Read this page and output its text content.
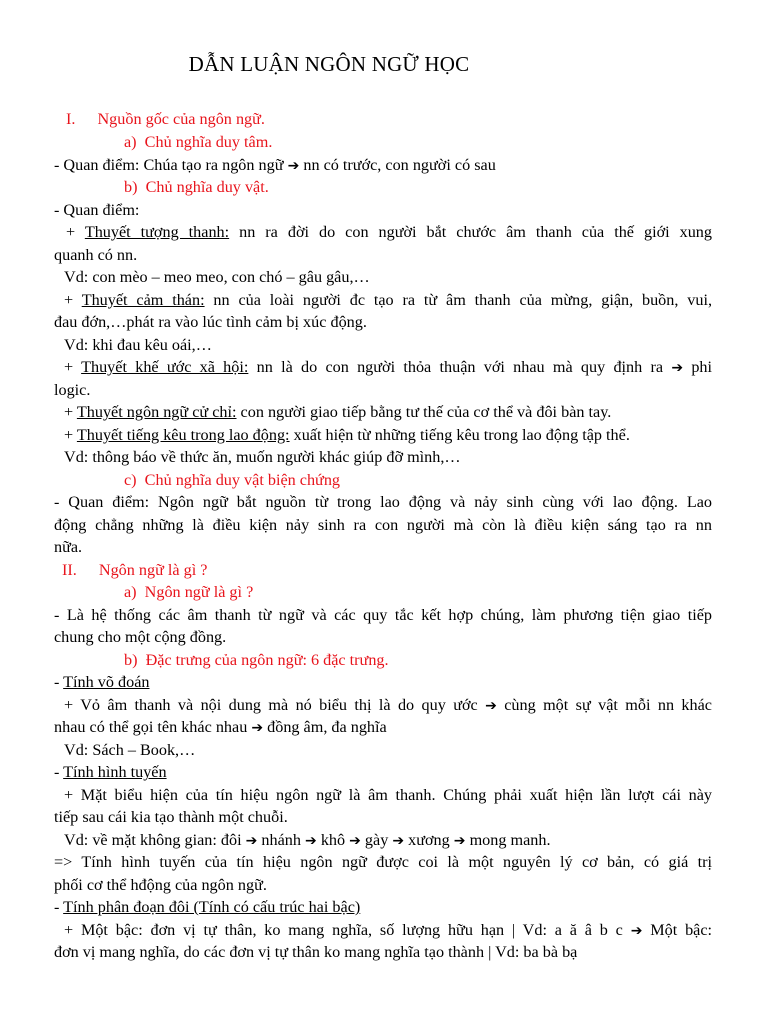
DẪN LUẬN NGÔN NGỮ HỌC
I. Nguồn gốc của ngôn ngữ.
a) Chủ nghĩa duy tâm.
- Quan điểm: Chúa tạo ra ngôn ngữ ➔ nn có trước, con người có sau
b) Chủ nghĩa duy vật.
- Quan điểm:
+ Thuyết tượng thanh: nn ra đời do con người bắt chước âm thanh của thế giới xung
quanh có nn.
Vd: con mèo – meo meo, con chó – gâu gâu,…
+ Thuyết cảm thán: nn của loài người đc tạo ra từ âm thanh của mừng, giận, buồn, vui,
đau đớn,…phát ra vào lúc tình cảm bị xúc động.
Vd: khi đau kêu oái,…
+ Thuyết khế ước xã hội: nn là do con người thỏa thuận với nhau mà quy định ra ➔ phi
logic.
+ Thuyết ngôn ngữ cử chỉ: con người giao tiếp bằng tư thế của cơ thể và đôi bàn tay.
+ Thuyết tiếng kêu trong lao động: xuất hiện từ những tiếng kêu trong lao động tập thể.
Vd: thông báo về thức ăn, muốn người khác giúp đỡ mình,…
c) Chủ nghĩa duy vật biện chứng
- Quan điểm: Ngôn ngữ bắt nguồn từ trong lao động và nảy sinh cùng với lao động. Lao
động chẳng những là điều kiện nảy sinh ra con người mà còn là điều kiện sáng tạo ra nn
nữa.
II. Ngôn ngữ là gì ?
a) Ngôn ngữ là gì ?
- Là hệ thống các âm thanh từ ngữ và các quy tắc kết hợp chúng, làm phương tiện giao tiếp
chung cho một cộng đồng.
b) Đặc trưng của ngôn ngữ: 6 đặc trưng.
- Tính võ đoán
+ Vỏ âm thanh và nội dung mà nó biểu thị là do quy ước ➔ cùng một sự vật mỗi nn khác
nhau có thể gọi tên khác nhau ➔ đồng âm, đa nghĩa
Vd: Sách – Book,…
- Tính hình tuyến
+ Mặt biểu hiện của tín hiệu ngôn ngữ là âm thanh. Chúng phải xuất hiện lần lượt cái này
tiếp sau cái kia tạo thành một chuỗi.
Vd: về mặt không gian: đôi ➔ nhánh ➔ khô ➔ gày ➔ xương ➔ mong manh.
=> Tính hình tuyến của tín hiệu ngôn ngữ được coi là một nguyên lý cơ bản, có giá trị
phối cơ thể hđộng của ngôn ngữ.
- Tính phân đoạn đôi (Tính có cấu trúc hai bậc)
+ Một bậc: đơn vị tự thân, ko mang nghĩa, số lượng hữu hạn | Vd: a ă â b c ➔ Một bậc:
đơn vị mang nghĩa, do các đơn vị tự thân ko mang nghĩa tạo thành | Vd: ba bà bạ
